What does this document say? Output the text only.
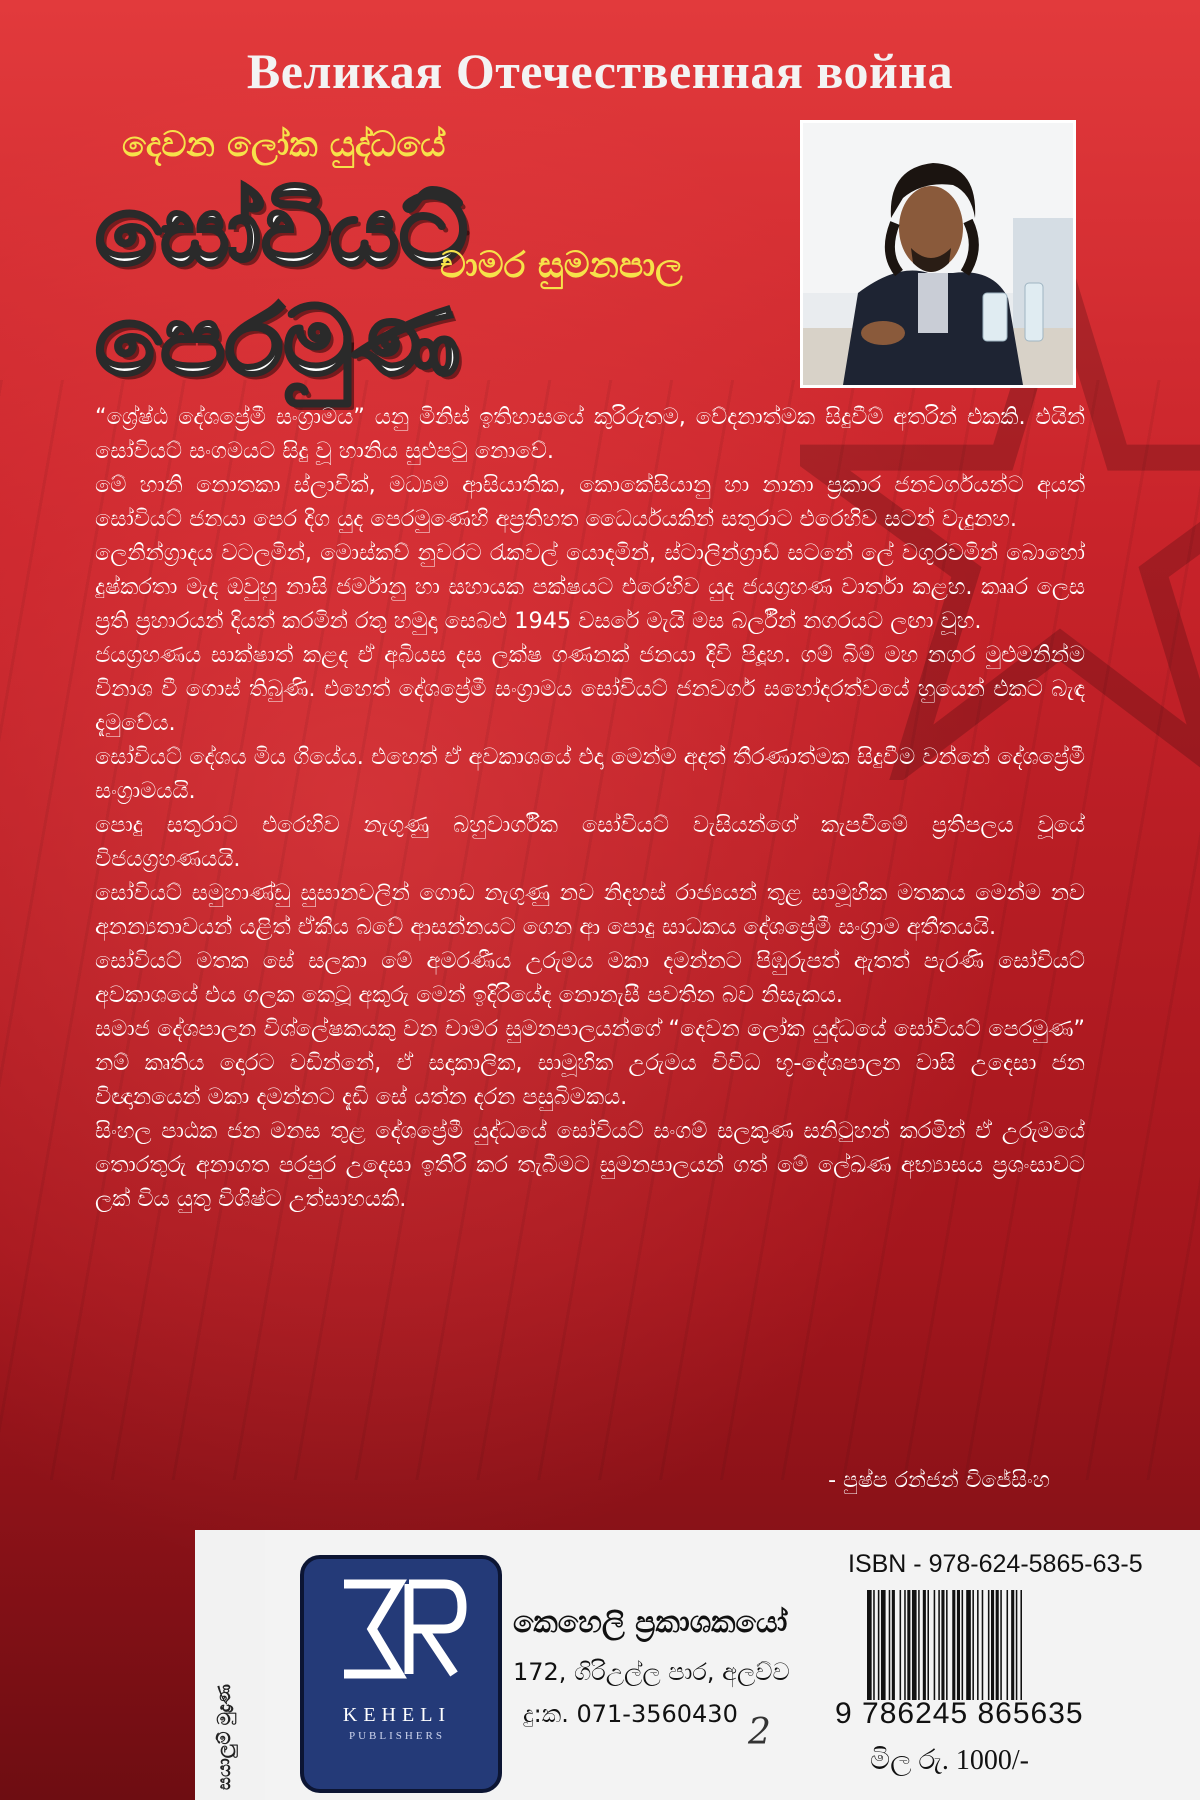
Великая Отечественная война
දෙවන ලෝක යුද්ධයේ
සෝවියට්
පෙරමුණ
චාමර සුමනපාල

“ශ්‍රේෂ්ඨ දේශප්‍රේමී සංග්‍රාමය” යනු මිනිස් ඉතිහාසයේ කුරිරුතම, වේදනාත්මක සිදුවීම් අතරින් එකකි. එයින් සෝවියට් සංගමයට සිදු වූ හානිය සුළුපටු නොවේ.

මේ හානි නොතකා ස්ලාවික්, මධ්‍යම ආසියාතික, කොකේසියානු හා නානා ප්‍රකාර ජනවර්ගයන්ට අයත් සෝවියට් ජනයා පෙර දිග යුද පෙරමුණෙහි අප්‍රතිහත ධෛර්යයකින් සතුරාට එරෙහිව සටන් වැදුනහ.

ලෙනින්ග්‍රාදය වටලමින්, මොස්කව් නුවරට රැකවල් යොදමින්, ස්ටාලින්ග්‍රාඩ් සටනේ ලේ වගුරවමින් බොහෝ දුෂ්කරතා මැද ඔවුහු නාසි ජර්මානු හා සහායක පක්ෂයට එරෙහිව යුද ජයග්‍රහණ වාර්තා කළහ. කෲර ලෙස ප්‍රති ප්‍රහාරයන් දියත් කරමින් රතු හමුදා සෙබළු 1945 වසරේ මැයි මස බර්ලීන් නගරයට ලඟා වූහ.

ජයග්‍රහණය සාක්ෂාත් කළද ඒ අබියස දස ලක්ෂ ගණනක් ජනයා දිවි පිදූහ. ගම් බිම් මහ නගර මුළුමනින්ම විනාශ වී ගොස් තිබුණි. එහෙත් දේශප්‍රේමී සංග්‍රාමය සෝවියට් ජනවර්ග සහෝදරත්වයේ හුයෙන් එකට බැඳ දැමුවේය.

සෝවියට් දේශය මිය ගියේය. එහෙත් ඒ අවකාශයේ එදා මෙන්ම අදත් තීරණාත්මක සිදුවීම වන්නේ දේශප්‍රේමී සංග්‍රාමයයි.

පොදු සතුරාට එරෙහිව නැගුණු බහුවාර්ගික සෝවියට් වැසියන්ගේ කැපවීමේ ප්‍රතිපලය වූයේ විජයග්‍රහණයයි.

සෝවියට් සමුහාණ්ඩු සුසානවලින් ගොඩ නැගුණු නව නිදහස් රාජ්‍යයන් තුළ සාමූහික මතකය මෙන්ම නව අනන්‍යතාවයන් යළිත් ඒකීය බවේ ආසන්නයට ගෙන ආ පොදු සාධකය දේශප්‍රේමී සංග්‍රාම අතීතයයි.

සෝවියට් මතක සේ සලකා මේ අමරණීය උරුමය මකා දමන්නට පිඹුරුපත් ඇතත් පැරණි සෝවියට් අවකාශයේ එය ගලක කෙටූ අකුරු මෙන් ඉදිරියේද නොනැසී පවතින බව නිසැකය.

සමාජ දේශපාලන විශ්ලේෂකයකු වන චාමර සුමනපාලයන්ගේ “දෙවන ලෝක යුද්ධයේ සෝවියට් පෙරමුණ” නම් කෘතිය දොරට වඩින්නේ, ඒ සදාකාලික, සාමූහික උරුමය විවිධ භූ-දේශපාලන වාසි උදෙසා ජන විඥානයෙන් මකා දමන්නට දැඩි සේ යත්න දරන පසුබිමකය.

සිංහල පාඨක ජන මනස තුළ දේශප්‍රේමී යුද්ධයේ සෝවියට් සංගම් සලකුණ සනිටුහන් කරමින් ඒ උරුමයේ තොරතුරු අනාගත පරපුර උදෙසා ඉතිරි කර තැබීමට සුමනපාලයන් ගත් මේ ලේඛණ අභ්‍යාසය ප්‍රශංසාවට ලක් විය යුතු විශිෂ්ට උත්සාහයකි.

- පුෂ්ප රන්ජන් විජේසිංහ
සයාලුම් මුද්‍රණ	KEHELI
PUBLISHERS
කෙහෙලි ප්‍රකාශකයෝ
172, ගිරිඋල්ල පාර, අලව්ව
දු:ක. 071-3560430 2
ISBN - 978-624-5865-63-5
9 786245 865635
මිල රු. 1000/-
